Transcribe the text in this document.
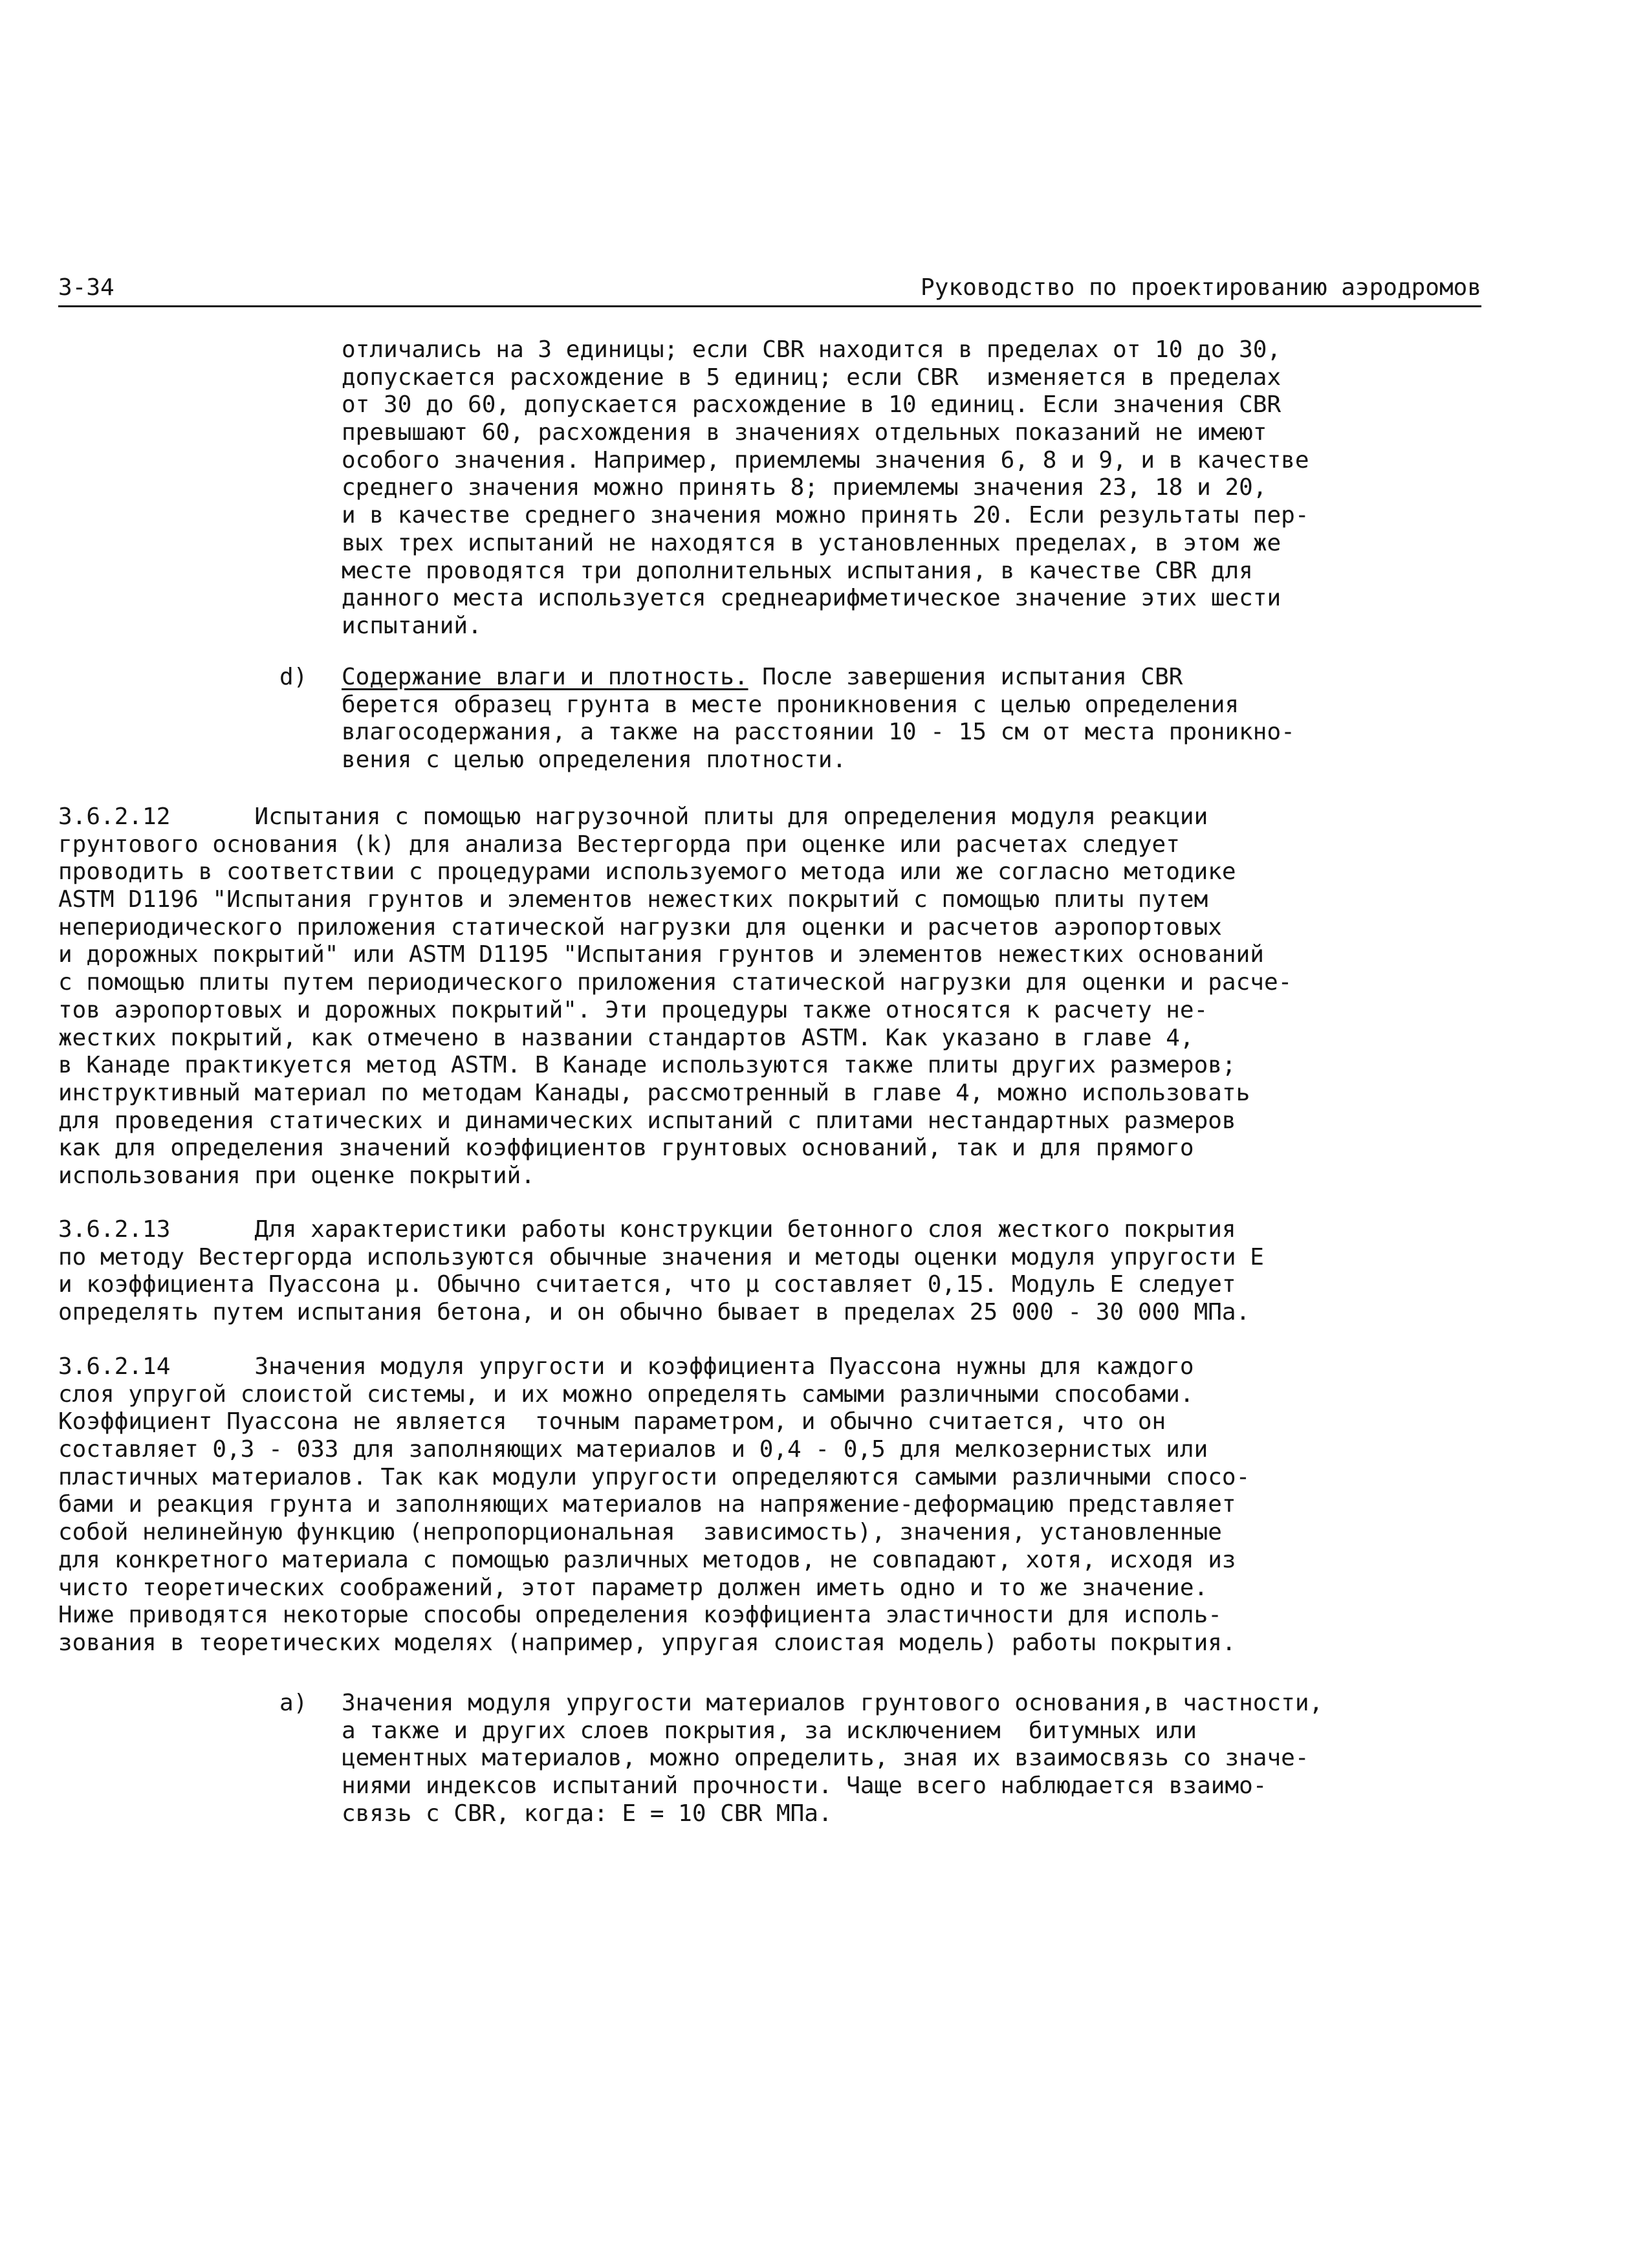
3-34	Руководство по проектированию аэродромов
отличались на 3 единицы; если CBR находится в пределах от 10 до 30,
допускается расхождение в 5 единиц; если CBR  изменяется в пределах
от 30 до 60, допускается расхождение в 10 единиц. Если значения CBR
превышают 60, расхождения в значениях отдельных показаний не имеют
особого значения. Например, приемлемы значения 6, 8 и 9, и в качестве
среднего значения можно принять 8; приемлемы значения 23, 18 и 20,
и в качестве среднего значения можно принять 20. Если результаты пер-
вых трех испытаний не находятся в установленных пределах, в этом же
месте проводятся три дополнительных испытания, в качестве CBR для
данного места используется среднеарифметическое значение этих шести
испытаний.
d) Содержание влаги и плотность. После завершения испытания CBR
берется образец грунта в месте проникновения с целью определения
влагосодержания, а также на расстоянии 10 - 15 см от места проникно-
вения с целью определения плотности.
3.6.2.12      Испытания с помощью нагрузочной плиты для определения модуля реакции
грунтового основания (k) для анализа Вестергорда при оценке или расчетах следует
проводить в соответствии с процедурами используемого метода или же согласно методике
ASTM D1196 "Испытания грунтов и элементов нежестких покрытий с помощью плиты путем
непериодического приложения статической нагрузки для оценки и расчетов аэропортовых
и дорожных покрытий" или ASTM D1195 "Испытания грунтов и элементов нежестких оснований
с помощью плиты путем периодического приложения статической нагрузки для оценки и расче-
тов аэропортовых и дорожных покрытий". Эти процедуры также относятся к расчету не-
жестких покрытий, как отмечено в названии стандартов ASTM. Как указано в главе 4,
в Канаде практикуется метод ASTM. В Канаде используются также плиты других размеров;
инструктивный материал по методам Канады, рассмотренный в главе 4, можно использовать
для проведения статических и динамических испытаний с плитами нестандартных размеров
как для определения значений коэффициентов грунтовых оснований, так и для прямого
использования при оценке покрытий.
3.6.2.13      Для характеристики работы конструкции бетонного слоя жесткого покрытия
по методу Вестергорда используются обычные значения и методы оценки модуля упругости E
и коэффициента Пуассона μ. Обычно считается, что μ составляет 0,15. Модуль E следует
определять путем испытания бетона, и он обычно бывает в пределах 25 000 - 30 000 МПа.
3.6.2.14      Значения модуля упругости и коэффициента Пуассона нужны для каждого
слоя упругой слоистой системы, и их можно определять самыми различными способами.
Коэффициент Пуассона не является  точным параметром, и обычно считается, что он
составляет 0,3 - 033 для заполняющих материалов и 0,4 - 0,5 для мелкозернистых или
пластичных материалов. Так как модули упругости определяются самыми различными спосо-
бами и реакция грунта и заполняющих материалов на напряжение-деформацию представляет
собой нелинейную функцию (непропорциональная  зависимость), значения, установленные
для конкретного материала с помощью различных методов, не совпадают, хотя, исходя из
чисто теоретических соображений, этот параметр должен иметь одно и то же значение.
Ниже приводятся некоторые способы определения коэффициента эластичности для исполь-
зования в теоретических моделях (например, упругая слоистая модель) работы покрытия.
a) Значения модуля упругости материалов грунтового основания,в частности,
а также и других слоев покрытия, за исключением  битумных или
цементных материалов, можно определить, зная их взаимосвязь со значе-
ниями индексов испытаний прочности. Чаще всего наблюдается взаимо-
связь с CBR, когда: E = 10 CBR МПа.
